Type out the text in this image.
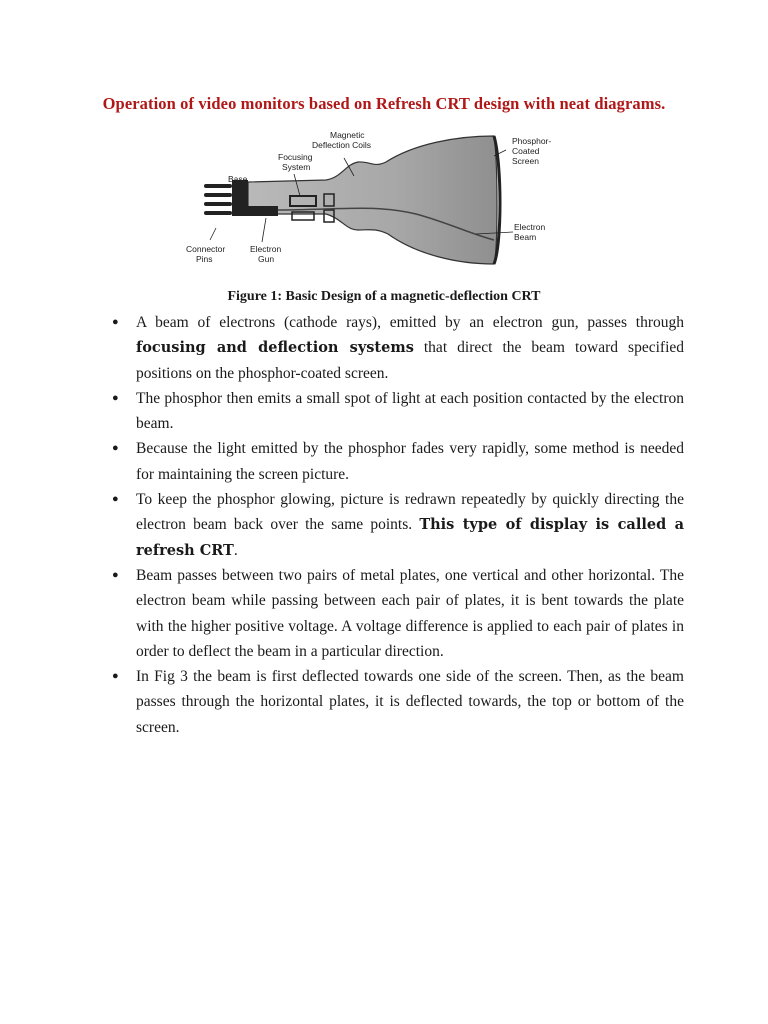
Operation of video monitors based on Refresh CRT design with neat diagrams.
Magnetic
Deflection Coils
Focusing
System
Base
Phosphor-
Coated
Screen
Connector
Pins
Electron
Gun
Electron
Beam
Figure 1: Basic Design of a magnetic-deflection CRT
● A beam of electrons (cathode rays), emitted by an electron gun, passes through focusing and deflection systems that direct the beam toward specified positions on the phosphor-coated screen.
● The phosphor then emits a small spot of light at each position contacted by the electron beam.
● Because the light emitted by the phosphor fades very rapidly, some method is needed for maintaining the screen picture.
● To keep the phosphor glowing, picture is redrawn repeatedly by quickly directing the electron beam back over the same points. This type of display is called a refresh CRT.
● Beam passes between two pairs of metal plates, one vertical and other horizontal. The electron beam while passing between each pair of plates, it is bent towards the plate with the higher positive voltage. A voltage difference is applied to each pair of plates in order to deflect the beam in a particular direction.
● In Fig 3 the beam is first deflected towards one side of the screen. Then, as the beam passes through the horizontal plates, it is deflected towards, the top or bottom of the screen.
